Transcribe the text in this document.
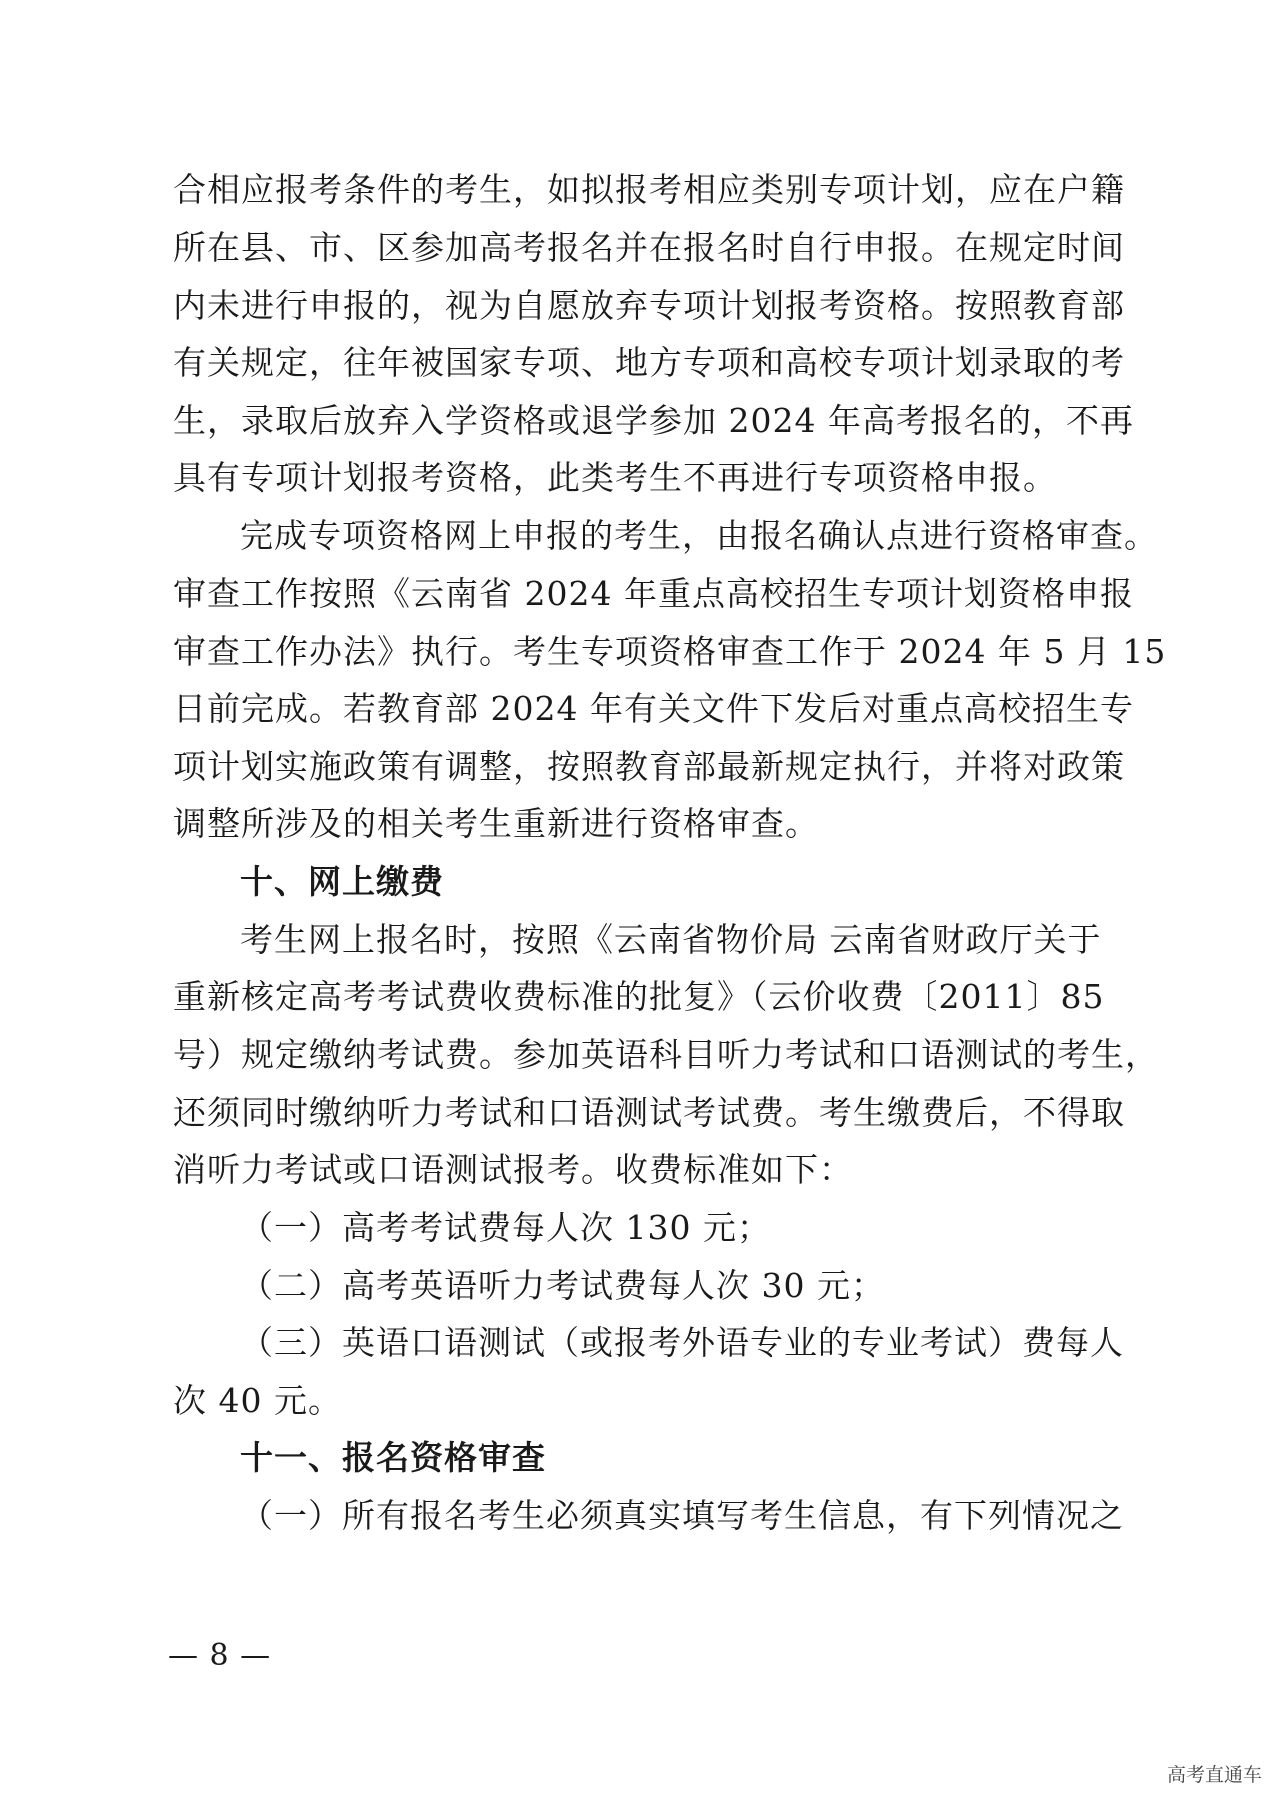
合相应报考条件的考生，如拟报考相应类别专项计划，应在户籍
所在县、市、区参加高考报名并在报名时自行申报。在规定时间
内未进行申报的，视为自愿放弃专项计划报考资格。按照教育部
有关规定，往年被国家专项、地方专项和高校专项计划录取的考
生，录取后放弃入学资格或退学参加 2024 年高考报名的，不再
具有专项计划报考资格，此类考生不再进行专项资格申报。
完成专项资格网上申报的考生，由报名确认点进行资格审查。
审查工作按照《云南省 2024 年重点高校招生专项计划资格申报
审查工作办法》执行。考生专项资格审查工作于 2024 年 5 月 15
日前完成。若教育部 2024 年有关文件下发后对重点高校招生专
项计划实施政策有调整，按照教育部最新规定执行，并将对政策
调整所涉及的相关考生重新进行资格审查。
十、网上缴费
考生网上报名时，按照《云南省物价局 云南省财政厅关于
重新核定高考考试费收费标准的批复》（云价收费〔2011〕85
号）规定缴纳考试费。参加英语科目听力考试和口语测试的考生，
还须同时缴纳听力考试和口语测试考试费。考生缴费后，不得取
消听力考试或口语测试报考。收费标准如下：
（一）高考考试费每人次 130 元；
（二）高考英语听力考试费每人次 30 元；
（三）英语口语测试（或报考外语专业的专业考试）费每人
次 40 元。
十一、报名资格审查
（一）所有报名考生必须真实填写考生信息，有下列情况之
— 8 —
高考直通车
